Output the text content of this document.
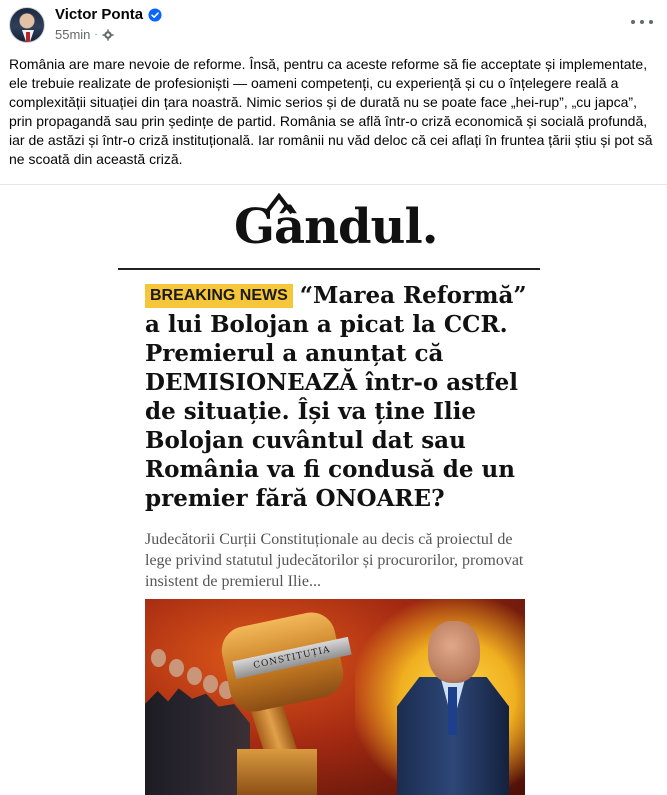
Victor Ponta
55min ·

România are mare nevoie de reforme. Însă, pentru ca aceste reforme să fie acceptate și implementate, ele trebuie realizate de profesioniști — oameni competenți, cu experiență și cu o înțelegere reală a complexității situației din țara noastră. Nimic serios și de durată nu se poate face „hei-rup”, „cu japca”, prin propagandă sau prin ședințe de partid. România se află într-o criză economică și socială profundă, iar de astăzi și într-o criză instituțională. Iar românii nu văd deloc că cei aflați în fruntea țării știu și pot să ne scoată din această criză.

Gândul.

BREAKING NEWS “Marea Reformă” a lui Bolojan a picat la CCR. Premierul a anunțat că DEMISIONEAZĂ într-o astfel de situație. Își va ține Ilie Bolojan cuvântul dat sau România va fi condusă de un premier fără ONOARE?

Judecătorii Curții Constituționale au decis că proiectul de lege privind statutul judecătorilor și procurorilor, promovat insistent de premierul Ilie...

CONSTITUȚIA
